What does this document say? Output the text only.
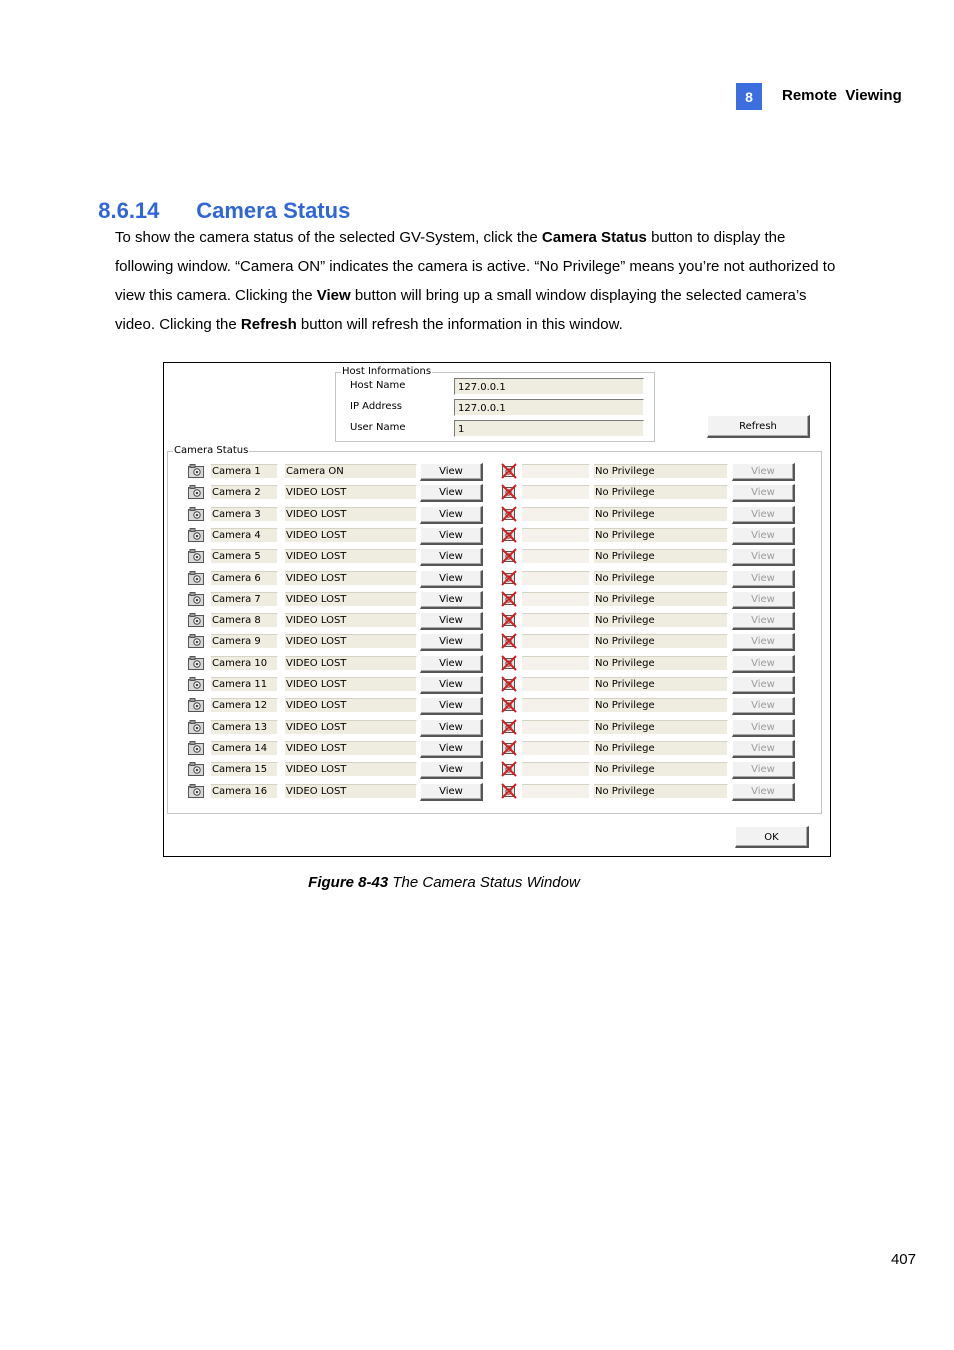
8	Remote  Viewing

8.6.14 Camera Status

To show the camera status of the selected GV-System, click the Camera Status button to display the following window. “Camera ON” indicates the camera is active. “No Privilege” means you’re not authorized to view this camera. Clicking the View button will bring up a small window displaying the selected camera’s video. Clicking the Refresh button will refresh the information in this window.
Host Informations
Host Name	127.0.0.1
IP Address	127.0.0.1
User Name	1	Refresh
Camera Status
Camera 1	Camera ON	View	No Privilege	View
Camera 2	VIDEO LOST	View	No Privilege	View
Camera 3	VIDEO LOST	View	No Privilege	View
Camera 4	VIDEO LOST	View	No Privilege	View
Camera 5	VIDEO LOST	View	No Privilege	View
Camera 6	VIDEO LOST	View	No Privilege	View
Camera 7	VIDEO LOST	View	No Privilege	View
Camera 8	VIDEO LOST	View	No Privilege	View
Camera 9	VIDEO LOST	View	No Privilege	View
Camera 10	VIDEO LOST	View	No Privilege	View
Camera 11	VIDEO LOST	View	No Privilege	View
Camera 12	VIDEO LOST	View	No Privilege	View
Camera 13	VIDEO LOST	View	No Privilege	View
Camera 14	VIDEO LOST	View	No Privilege	View
Camera 15	VIDEO LOST	View	No Privilege	View
Camera 16	VIDEO LOST	View	No Privilege	View
OK
Figure 8-43 The Camera Status Window
407
